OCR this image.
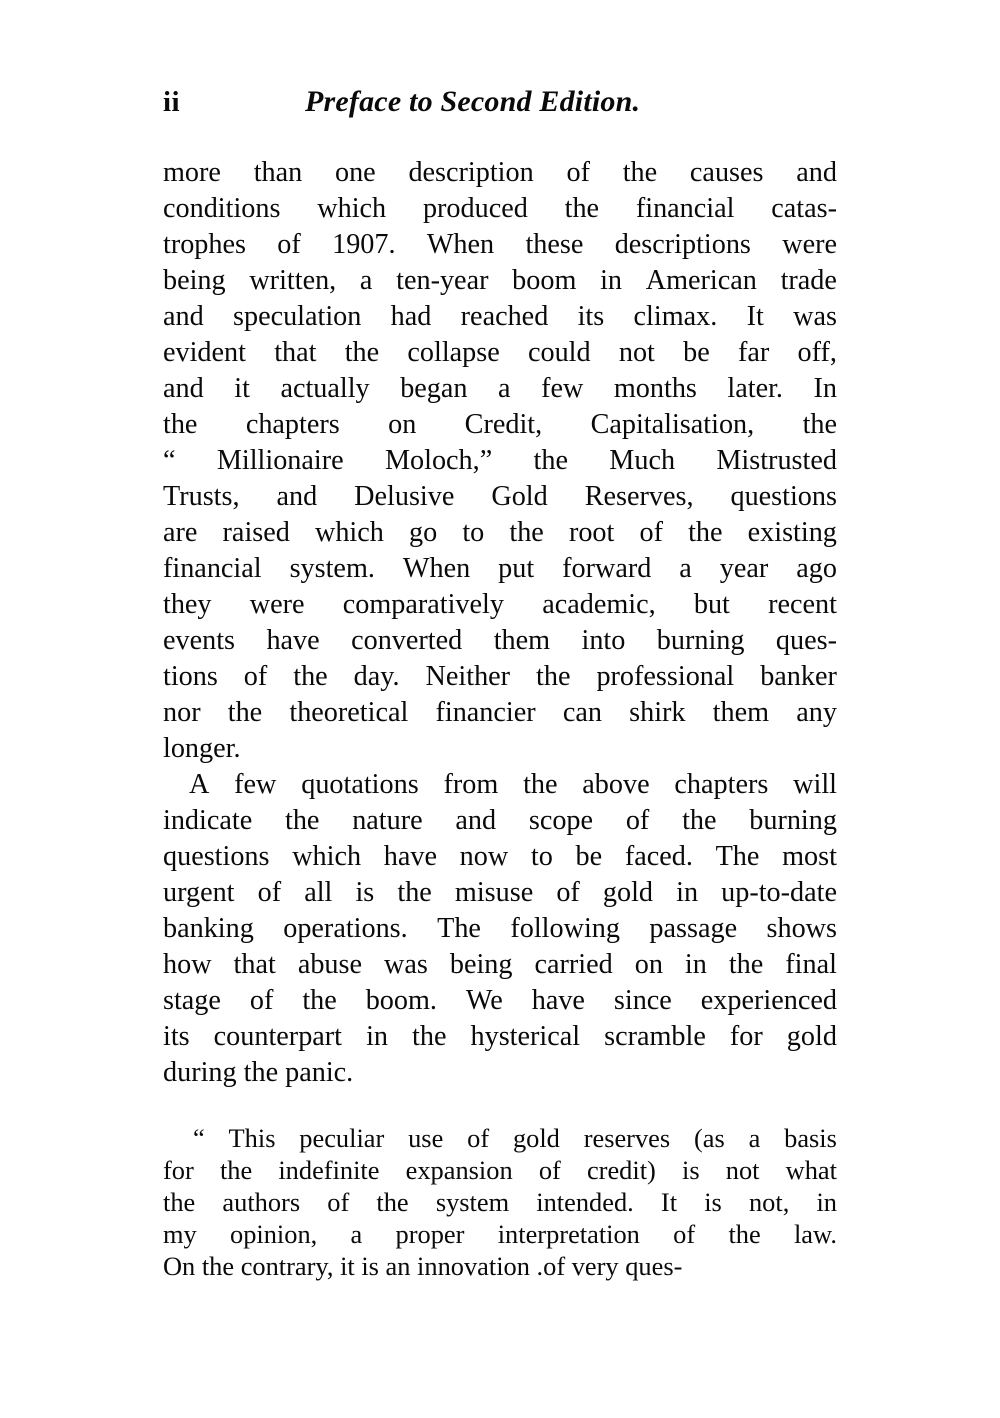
ii	Preface to Second Edition.
more than one description of the causes and
conditions which produced the financial catas-
trophes of 1907. When these descriptions were
being written, a ten-year boom in American trade
and speculation had reached its climax. It was
evident that the collapse could not be far off,
and it actually began a few months later. In
the chapters on Credit, Capitalisation, the
“ Millionaire Moloch,” the Much Mistrusted
Trusts, and Delusive Gold Reserves, questions
are raised which go to the root of the existing
financial system. When put forward a year ago
they were comparatively academic, but recent
events have converted them into burning ques-
tions of the day. Neither the professional banker
nor the theoretical financier can shirk them any
longer.
A few quotations from the above chapters will
indicate the nature and scope of the burning
questions which have now to be faced. The most
urgent of all is the misuse of gold in up-to-date
banking operations. The following passage shows
how that abuse was being carried on in the final
stage of the boom. We have since experienced
its counterpart in the hysterical scramble for gold
during the panic.
“ This peculiar use of gold reserves (as a basis
for the indefinite expansion of credit) is not what
the authors of the system intended. It is not, in
my opinion, a proper interpretation of the law.
On the contrary, it is an innovation .of very ques-
